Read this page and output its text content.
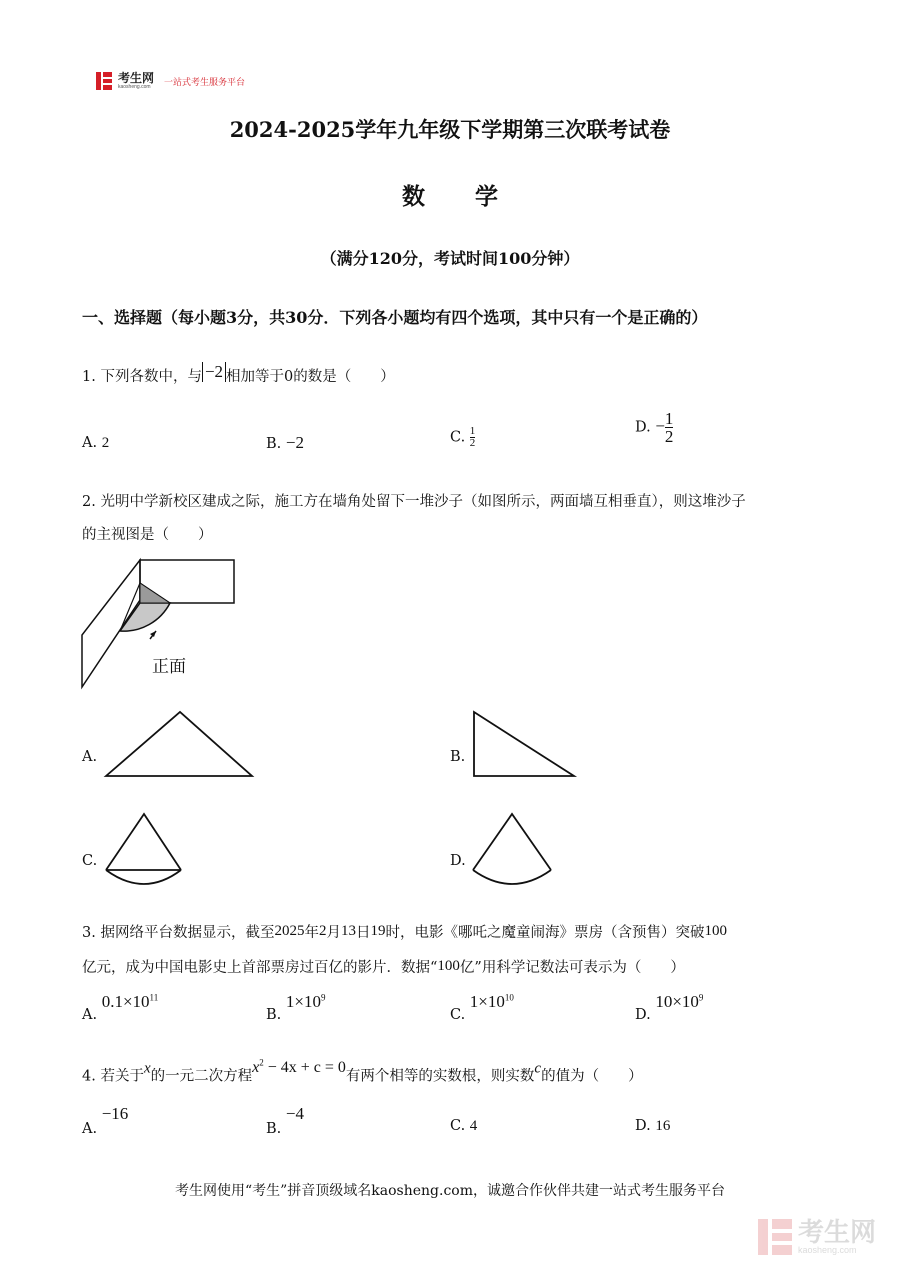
考生网
kaosheng.com
一站式考生服务平台
2024-2025学年九年级下学期第三次联考试卷
数学
（满分120分，考试时间100分钟）
一、选择题（每小题3分，共30分．下列各小题均有四个选项，其中只有一个是正确的）
1. 下列各数中，与 −2 相加等于0的数是（　　）
A. 2	B. −2	C. $\frac{1}{2}$	D. − $\frac{1}{2}$
2. 光明中学新校区建成之际，施工方在墙角处留下一堆沙子（如图所示，两面墙互相垂直），则这堆沙子
的主视图是（　　）
正面
A.	B.
C.	D.
3. 据网络平台数据显示，截至2025年2月13日19时，电影《哪吒之魔童闹海》票房（含预售）突破100
亿元，成为中国电影史上首部票房过百亿的影片．数据“100亿”用科学记数法可表示为（　　）
A. $0.1\times 10^{11}$
B. $1\times 10^9$
C. $1\times 10^{10}$
D. $10\times 10^9$
4. 若关于x的一元二次方程$x^2 - 4x + c = 0$有两个相等的实数根，则实数c的值为（　　）
A. −16
B. −4
C. 4	D. 16
考生网使用“考生”拼音顶级域名kaosheng.com，诚邀合作伙伴共建一站式考生服务平台
考生网
kaosheng.com
